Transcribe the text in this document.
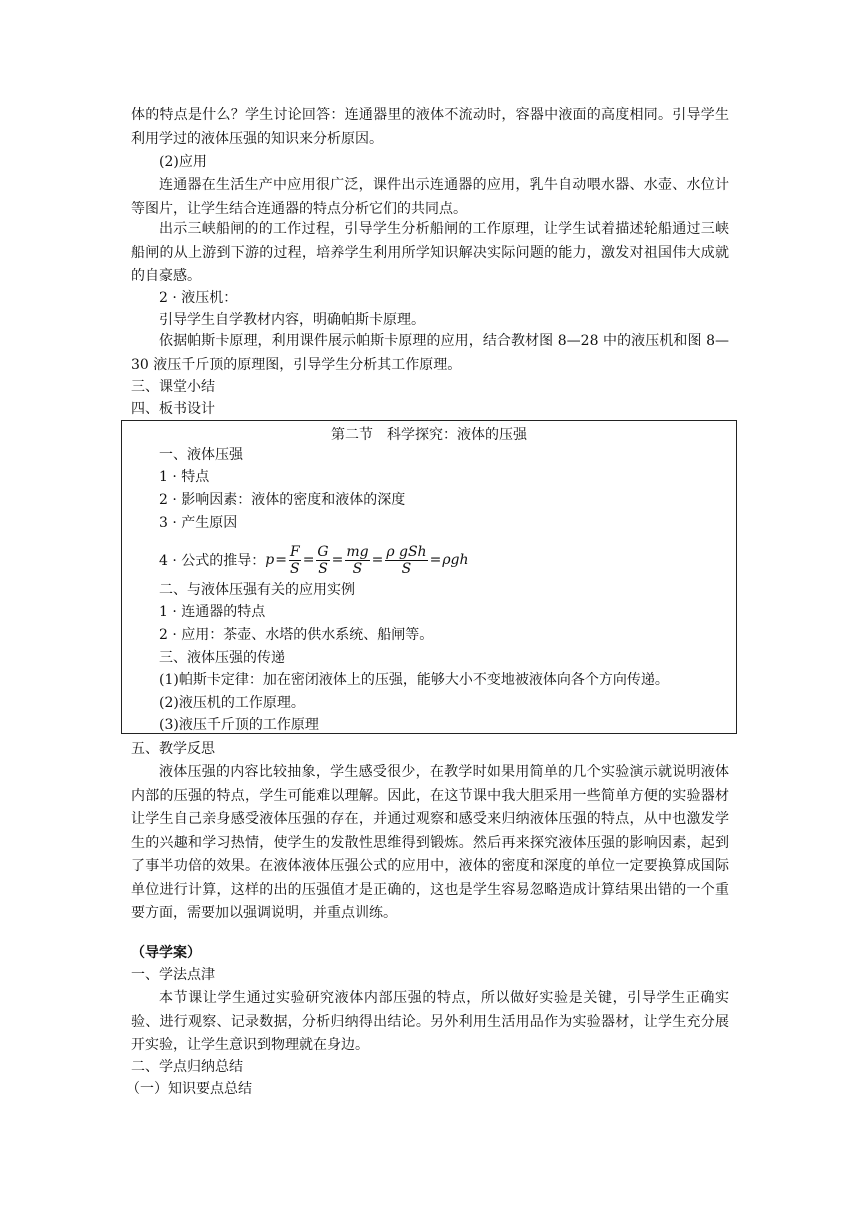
体的特点是什么？学生讨论回答：连通器里的液体不流动时，容器中液面的高度相同。引导学生利用学过的液体压强的知识来分析原因。
(2)应用
连通器在生活生产中应用很广泛，课件出示连通器的应用，乳牛自动喂水器、水壶、水位计等图片，让学生结合连通器的特点分析它们的共同点。
出示三峡船闸的的工作过程，引导学生分析船闸的工作原理，让学生试着描述轮船通过三峡船闸的从上游到下游的过程，培养学生利用所学知识解决实际问题的能力，激发对祖国伟大成就的自豪感。
2 · 液压机：
引导学生自学教材内容，明确帕斯卡原理。
依据帕斯卡原理，利用课件展示帕斯卡原理的应用，结合教材图 8—28 中的液压机和图 8—30 液压千斤顶的原理图，引导学生分析其工作原理。
三、课堂小结
四、板书设计
第二节　科学探究：液体的压强
一、液体压强
1 · 特点
2 · 影响因素：液体的密度和液体的深度
3 · 产生原因
4 · 公式的推导： $p = \frac{F}{S} = \frac{G}{S} = \frac{mg}{S} = \frac{\text{ρ gSh}}{S} = \rho gh$
二、与液体压强有关的应用实例
1 · 连通器的特点
2 · 应用：茶壶、水塔的供水系统、船闸等。
三、液体压强的传递
(1)帕斯卡定律：加在密闭液体上的压强，能够大小不变地被液体向各个方向传递。
(2)液压机的工作原理。
(3)液压千斤顶的工作原理
五、教学反思
液体压强的内容比较抽象，学生感受很少，在教学时如果用简单的几个实验演示就说明液体内部的压强的特点，学生可能难以理解。因此，在这节课中我大胆采用一些简单方便的实验器材让学生自己亲身感受液体压强的存在，并通过观察和感受来归纳液体压强的特点，从中也激发学生的兴趣和学习热情，使学生的发散性思维得到锻炼。然后再来探究液体压强的影响因素，起到了事半功倍的效果。在液体液体压强公式的应用中，液体的密度和深度的单位一定要换算成国际单位进行计算，这样的出的压强值才是正确的，这也是学生容易忽略造成计算结果出错的一个重要方面，需要加以强调说明，并重点训练。
（导学案）
一、学法点津
本节课让学生通过实验研究液体内部压强的特点，所以做好实验是关键，引导学生正确实验、进行观察、记录数据，分析归纳得出结论。另外利用生活用品作为实验器材，让学生充分展开实验，让学生意识到物理就在身边。
二、学点归纳总结
（一）知识要点总结
